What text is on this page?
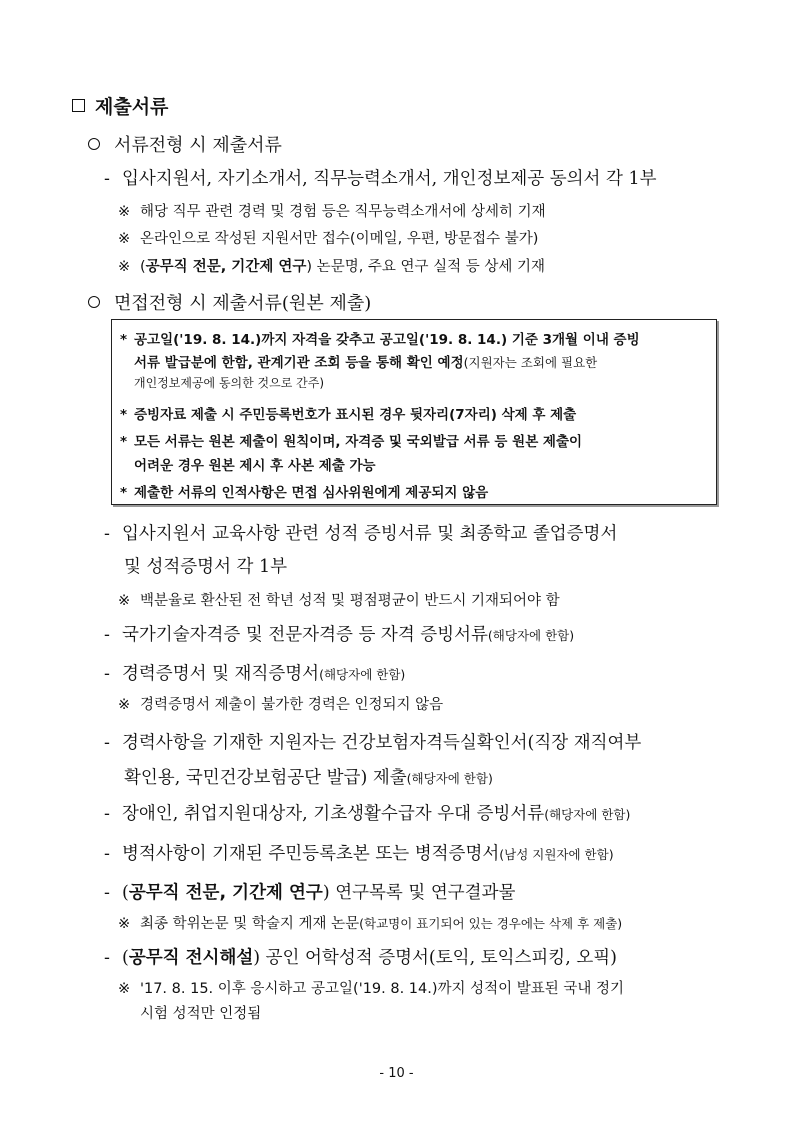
제출서류
서류전형 시 제출서류
- 입사지원서, 자기소개서, 직무능력소개서, 개인정보제공 동의서 각 1부
※ 해당 직무 관련 경력 및 경험 등은 직무능력소개서에 상세히 기재
※ 온라인으로 작성된 지원서만 접수(이메일, 우편, 방문접수 불가)
※ (공무직 전문, 기간제 연구) 논문명, 주요 연구 실적 등 상세 기재
면접전형 시 제출서류(원본 제출)
* 공고일('19. 8. 14.)까지 자격을 갖추고 공고일('19. 8. 14.) 기준 3개월 이내 증빙
서류 발급분에 한함, 관계기관 조회 등을 통해 확인 예정(지원자는 조회에 필요한
개인정보제공에 동의한 것으로 간주)
* 증빙자료 제출 시 주민등록번호가 표시된 경우 뒷자리(7자리) 삭제 후 제출
* 모든 서류는 원본 제출이 원칙이며, 자격증 및 국외발급 서류 등 원본 제출이
어려운 경우 원본 제시 후 사본 제출 가능
* 제출한 서류의 인적사항은 면접 심사위원에게 제공되지 않음
- 입사지원서 교육사항 관련 성적 증빙서류 및 최종학교 졸업증명서
및 성적증명서 각 1부
※ 백분율로 환산된 전 학년 성적 및 평점평균이 반드시 기재되어야 함
- 국가기술자격증 및 전문자격증 등 자격 증빙서류(해당자에 한함)
- 경력증명서 및 재직증명서(해당자에 한함)
※ 경력증명서 제출이 불가한 경력은 인정되지 않음
- 경력사항을 기재한 지원자는 건강보험자격득실확인서(직장 재직여부
확인용, 국민건강보험공단 발급) 제출(해당자에 한함)
- 장애인, 취업지원대상자, 기초생활수급자 우대 증빙서류(해당자에 한함)
- 병적사항이 기재된 주민등록초본 또는 병적증명서(남성 지원자에 한함)
- (공무직 전문, 기간제 연구) 연구목록 및 연구결과물
※ 최종 학위논문 및 학술지 게재 논문(학교명이 표기되어 있는 경우에는 삭제 후 제출)
- (공무직 전시해설) 공인 어학성적 증명서(토익, 토익스피킹, 오픽)
※ '17. 8. 15. 이후 응시하고 공고일('19. 8. 14.)까지 성적이 발표된 국내 정기
시험 성적만 인정됨
- 10 -
